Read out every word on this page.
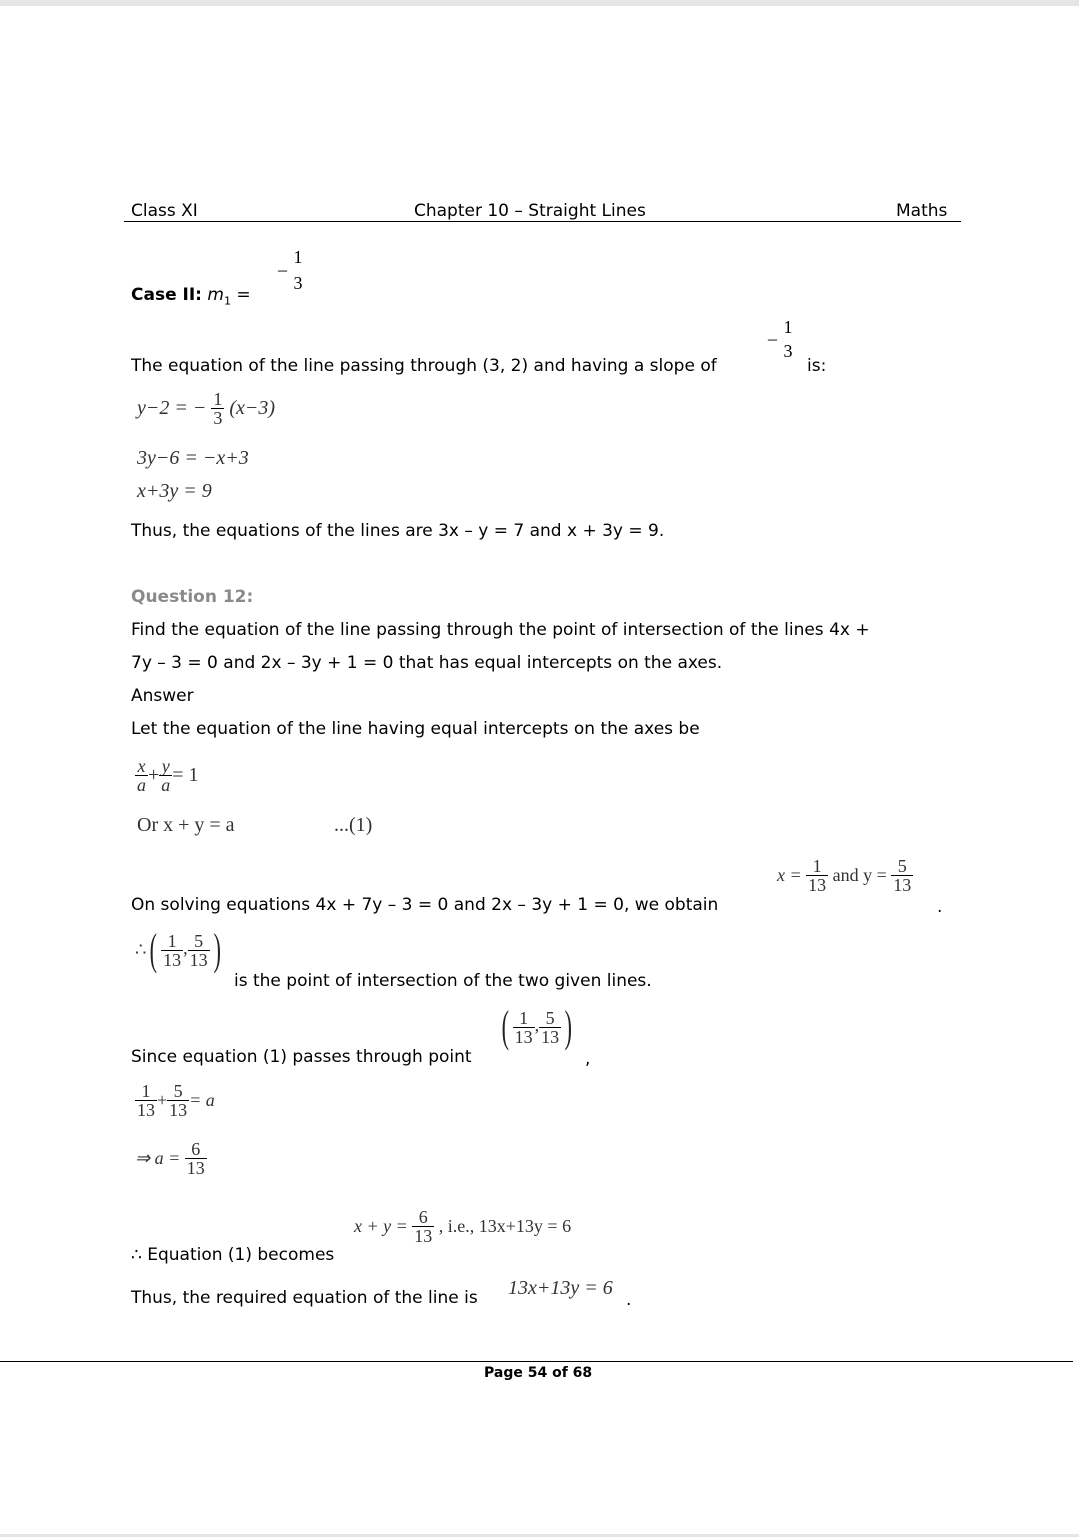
Class XI	Chapter 10 – Straight Lines	Maths
Case II: $m_1$ =
–
1
3
The equation of the line passing through (3, 2) and having a slope of
–
1
3
is:
y−2 = − $\frac{1}{3} (x-3)$
3y−6 = −x+3
x+3y = 9
Thus, the equations of the lines are 3x – y = 7 and x + 3y = 9.
Question 12:
Find the equation of the line passing through the point of intersection of the lines 4x +
7y – 3 = 0 and 2x – 3y + 1 = 0 that has equal intercepts on the axes.
Answer
Let the equation of the line having equal intercepts on the axes be
$\frac{x}{a} + \frac{y}{a} = 1$
Or x + y = a	...(1)
On solving equations 4x + 7y – 3 = 0 and 2x – 3y + 1 = 0, we obtain
$x = \frac{1}{13}$ and $y = \frac{5}{13}$
.
∴( $\frac{1}{13}$ , $\frac{5}{13}$ )
is the point of intersection of the two given lines.
Since equation (1) passes through point
( $\frac{1}{13}$ , $\frac{5}{13}$ )
,
$\frac{1}{13} + \frac{5}{13} = a$
⇒ $a = \frac{6}{13}$
∴ Equation (1) becomes
$x + y = \frac{6}{13}$ , i.e., 13x+13y = 6
Thus, the required equation of the line is 13x+13y = 6
.
Page 54 of 68
